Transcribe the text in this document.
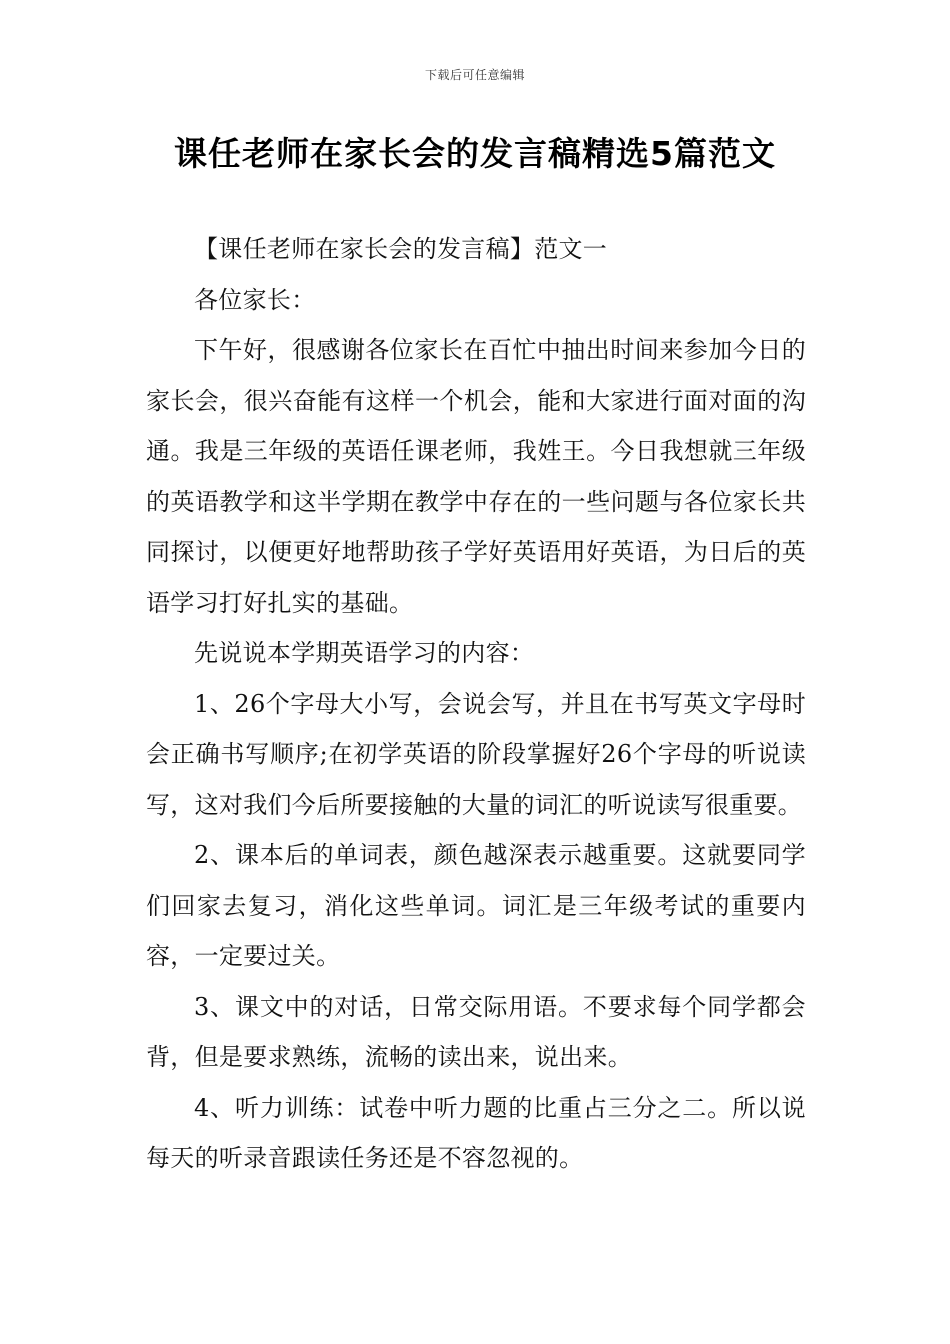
下载后可任意编辑
课任老师在家长会的发言稿精选5篇范文

【课任老师在家长会的发言稿】范文一

各位家长：

下午好，很感谢各位家长在百忙中抽出时间来参加今日的家长会，很兴奋能有这样一个机会，能和大家进行面对面的沟通。我是三年级的英语任课老师，我姓王。今日我想就三年级的英语教学和这半学期在教学中存在的一些问题与各位家长共同探讨，以便更好地帮助孩子学好英语用好英语，为日后的英语学习打好扎实的基础。

先说说本学期英语学习的内容：

1、26个字母大小写，会说会写，并且在书写英文字母时会正确书写顺序;在初学英语的阶段掌握好26个字母的听说读写，这对我们今后所要接触的大量的词汇的听说读写很重要。

2、课本后的单词表，颜色越深表示越重要。这就要同学们回家去复习，消化这些单词。词汇是三年级考试的重要内容，一定要过关。

3、课文中的对话，日常交际用语。不要求每个同学都会背，但是要求熟练，流畅的读出来，说出来。

4、听力训练：试卷中听力题的比重占三分之二。所以说每天的听录音跟读任务还是不容忽视的。
